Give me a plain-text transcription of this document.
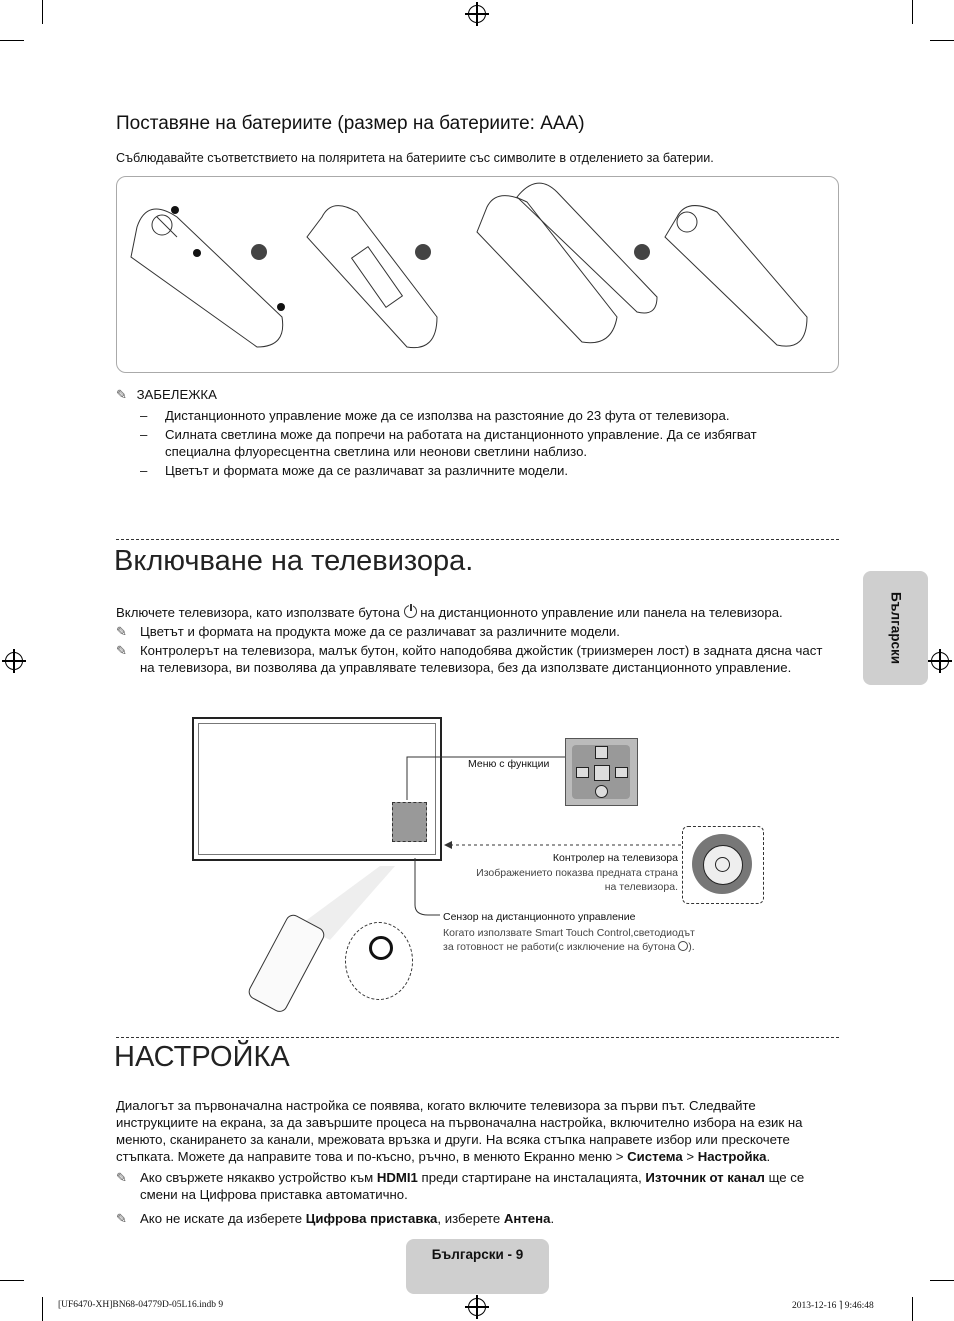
Поставяне на батериите (размер на батериите: AAA)
Съблюдавайте съответствието на поляритета на батериите със символите в отделението за батерии.
✎ ЗАБЕЛЕЖКА
– Дистанционното управление може да се използва на разстояние до 23 фута от телевизора.
– Силната светлина може да попречи на работата на дистанционното управление. Да се избягват специална флуоресцентна светлина или неонови светлини наблизо.
– Цветът и формата може да се различават за различните модели.
Включване на телевизора.
Включете телевизора, като използвате бутона
на дистанционното управление или панела на телевизора.
✎ Цветът и формата на продукта може да се различават за различните модели.
✎ Контролерът на телевизора, малък бутон, който наподобява джойстик (триизмерен лост) в задната дясна част на телевизора, ви позволява да управлявате телевизора, без да използвате дистанционното управление.
Меню с функции
Контролер на телевизора
Изображението показва предната страна
на телевизора.
Сензор на дистанционното управление
Когато използвате Smart Touch Control,светодиодът
за готовност не работи(с изключение на бутона ).
НАСТРОЙКА
Диалогът за първоначална настройка се появява, когато включите телевизора за първи път. Следвайте инструкциите на екрана, за да завършите процеса на първоначална настройка, включително избора на език на менюто, сканирането за канали, мрежовата връзка и други. На всяка стъпка направете избор или прескочете стъпката. Можете да направите това и по-късно, ръчно, в менюто Екранно меню > Система > Настройка.
✎ Ако свържете някакво устройство към HDMI1 преди стартиране на инсталацията, Източник от канал ще се смени на Цифрова приставка автоматично.
✎ Ако не искате да изберете Цифрова приставка, изберете Антена.
Български
Български - 9
[UF6470-XH]BN68-04779D-05L16.indb 9	2013-12-16 ⌉ 9:46:48
